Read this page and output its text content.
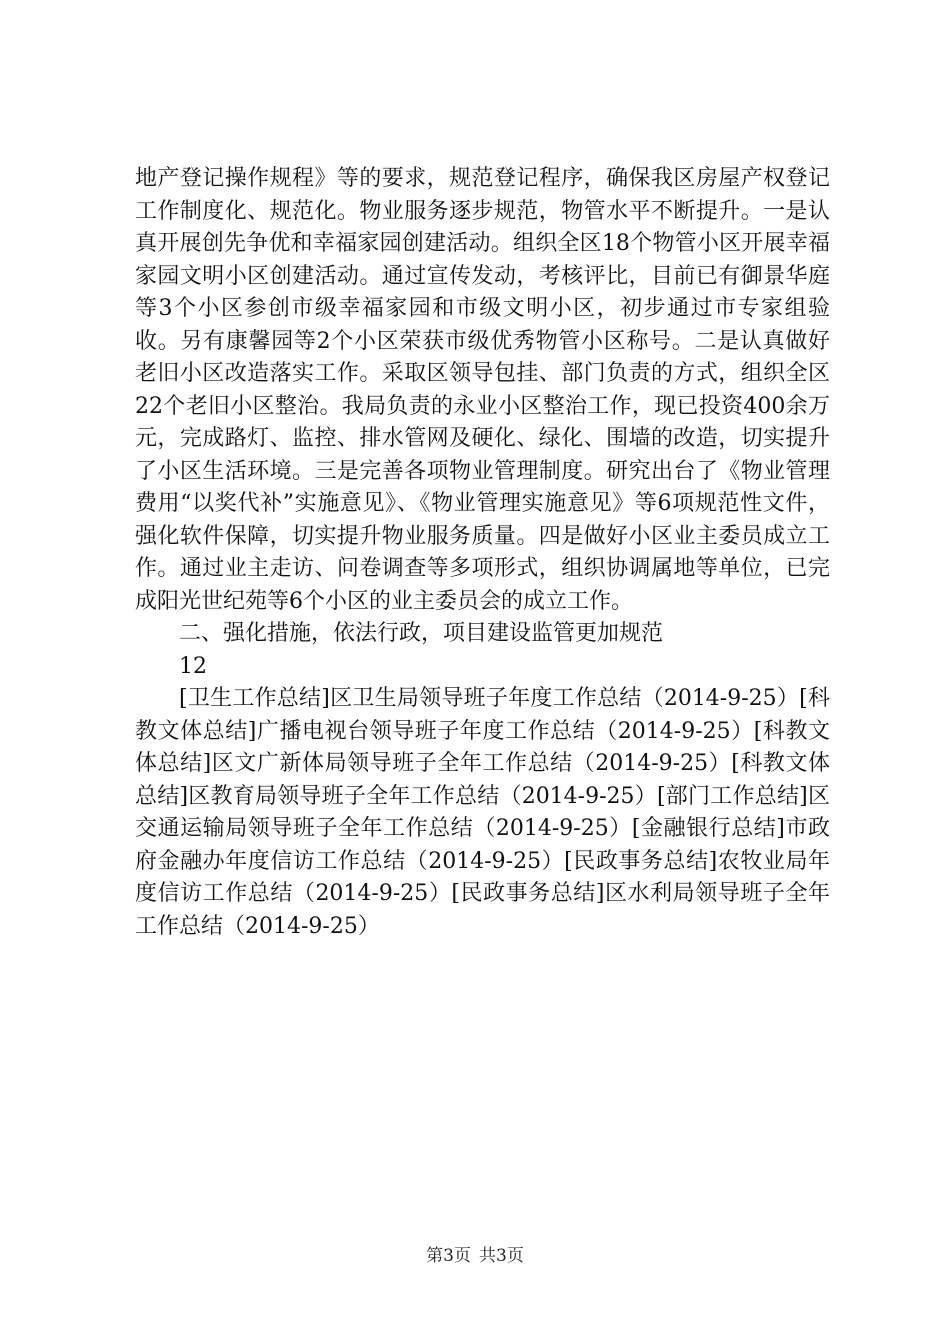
地产登记操作规程》等的要求，规范登记程序，确保我区房屋产权登记工作制度化、规范化。物业服务逐步规范，物管水平不断提升。一是认真开展创先争优和幸福家园创建活动。组织全区18个物管小区开展幸福家园文明小区创建活动。通过宣传发动，考核评比，目前已有御景华庭等3个小区参创市级幸福家园和市级文明小区，初步通过市专家组验收。另有康馨园等2个小区荣获市级优秀物管小区称号。二是认真做好老旧小区改造落实工作。采取区领导包挂、部门负责的方式，组织全区22个老旧小区整治。我局负责的永业小区整治工作，现已投资400余万元，完成路灯、监控、排水管网及硬化、绿化、围墙的改造，切实提升了小区生活环境。三是完善各项物业管理制度。研究出台了《物业管理费用“以奖代补”实施意见》、《物业管理实施意见》等6项规范性文件，强化软件保障，切实提升物业服务质量。四是做好小区业主委员成立工作。通过业主走访、问卷调查等多项形式，组织协调属地等单位，已完成阳光世纪苑等6个小区的业主委员会的成立工作。

二、强化措施，依法行政，项目建设监管更加规范

12

[卫生工作总结]区卫生局领导班子年度工作总结（2014-9-25）[科教文体总结]广播电视台领导班子年度工作总结（2014-9-25）[科教文体总结]区文广新体局领导班子全年工作总结（2014-9-25）[科教文体总结]区教育局领导班子全年工作总结（2014-9-25）[部门工作总结]区交通运输局领导班子全年工作总结（2014-9-25）[金融银行总结]市政府金融办年度信访工作总结（2014-9-25）[民政事务总结]农牧业局年度信访工作总结（2014-9-25）[民政事务总结]区水利局领导班子全年工作总结（2014-9-25）

第3页 共3页
